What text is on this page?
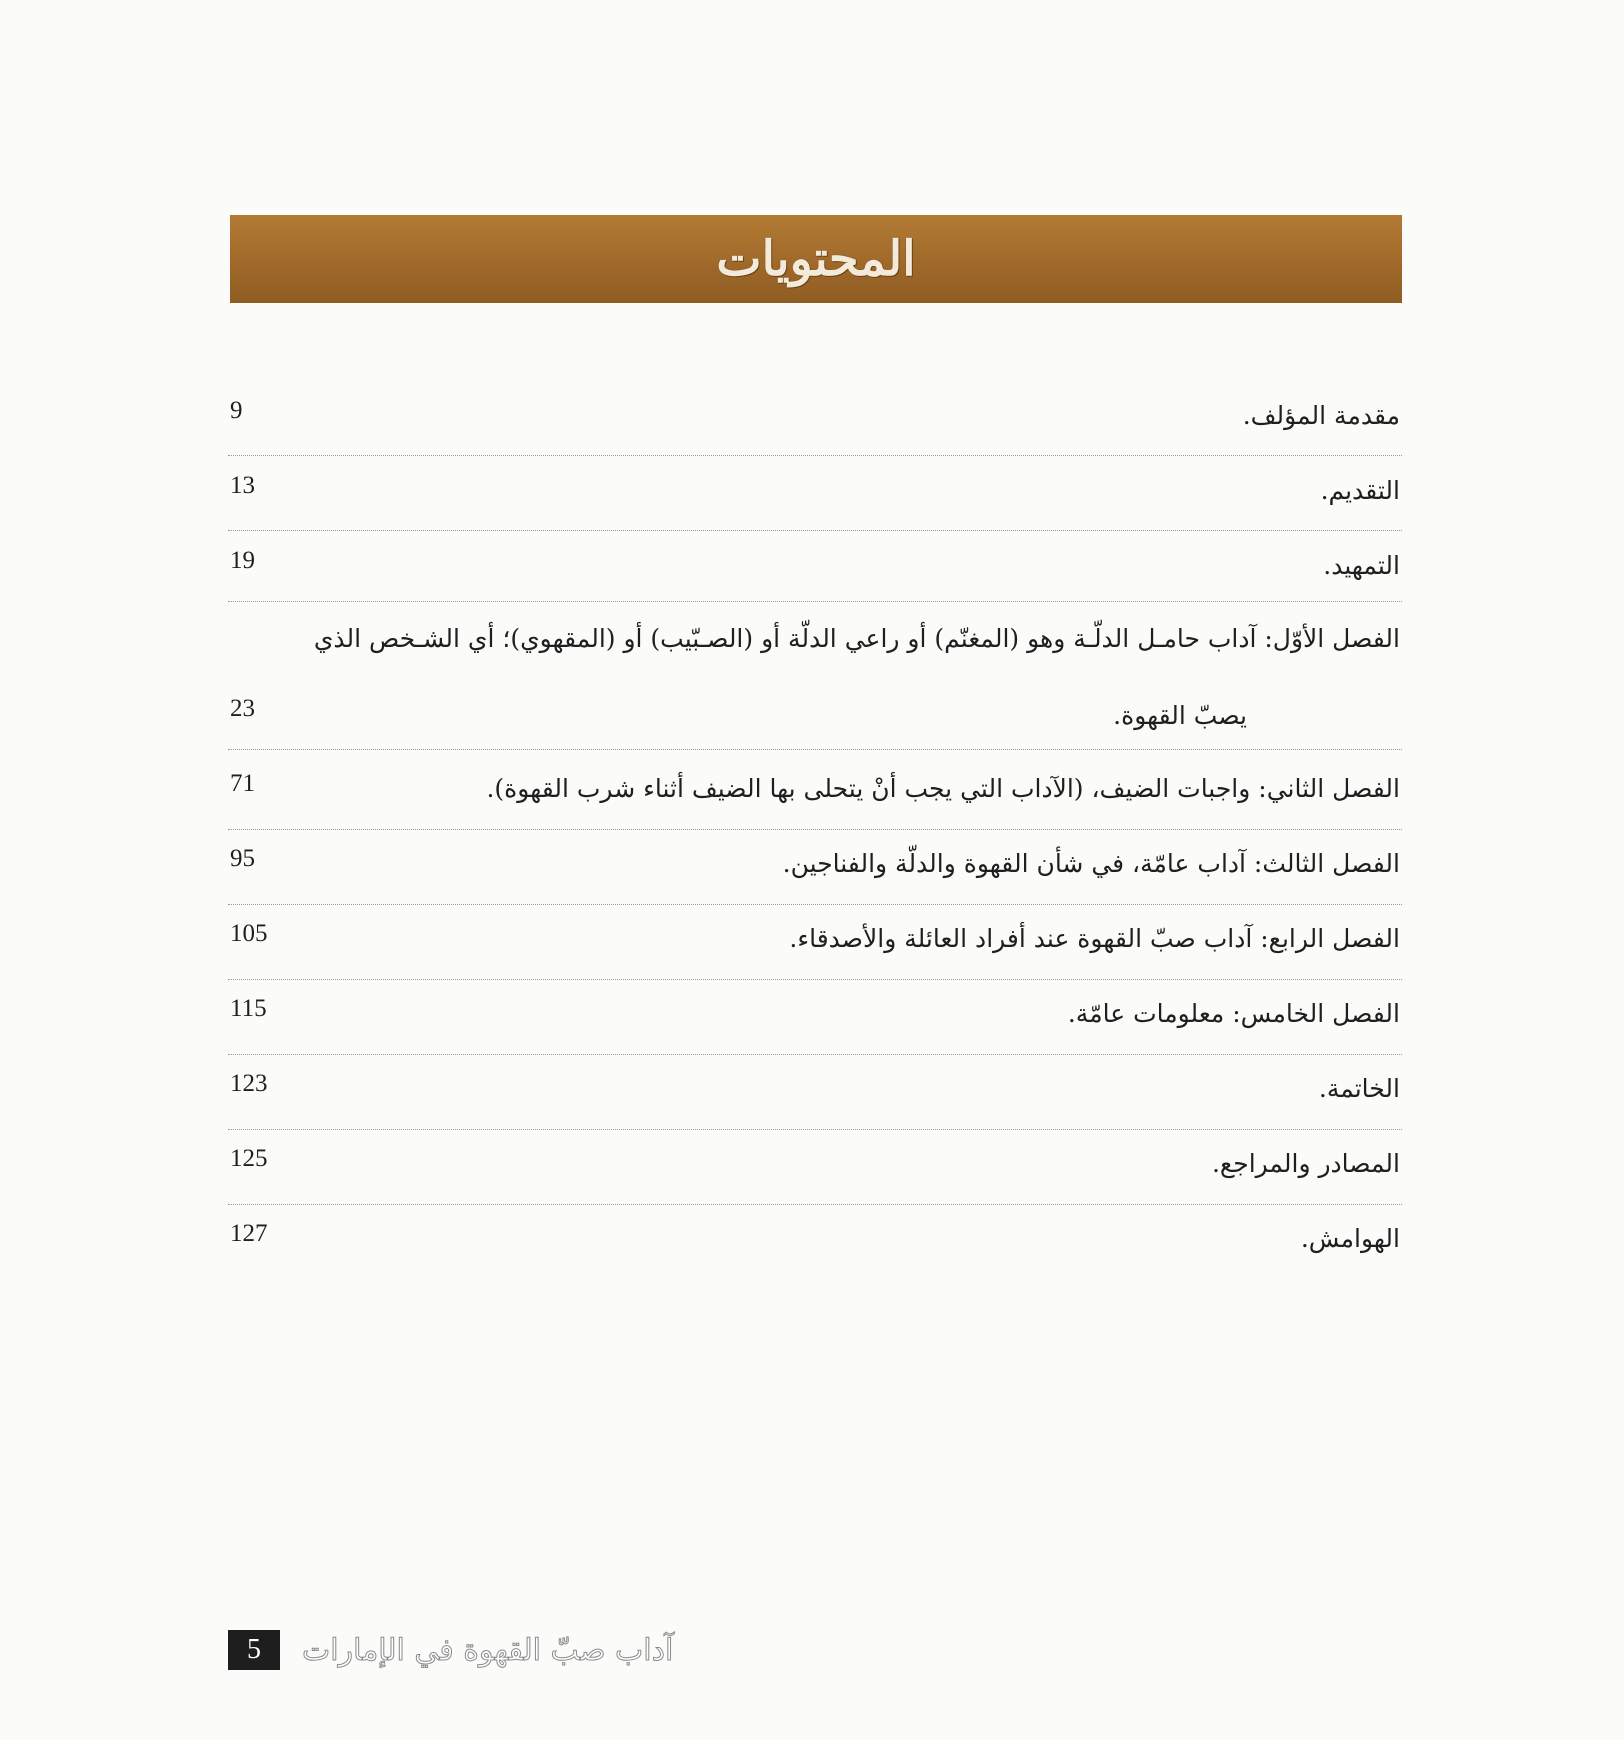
المحتويات
مقدمة المؤلف.
9
التقديم.
13
التمهيد.
19
الفصل الأوّل: آداب حامـل الدلّـة وهو (المغنّم) أو راعي الدلّة أو (الصـبّيب) أو (المقهوي)؛ أي الشـخص الذي
يصبّ القهوة.
23
الفصل الثاني: واجبات الضيف، (الآداب التي يجب أنْ يتحلى بها الضيف أثناء شرب القهوة).
71
الفصل الثالث: آداب عامّة، في شأن القهوة والدلّة والفناجين.
95
الفصل الرابع: آداب صبّ القهوة عند أفراد العائلة والأصدقاء.
105
الفصل الخامس: معلومات عامّة.
115
الخاتمة.
123
المصادر والمراجع.
125
الهوامش.
127
5	آداب صبّ القهوة في الإمارات
